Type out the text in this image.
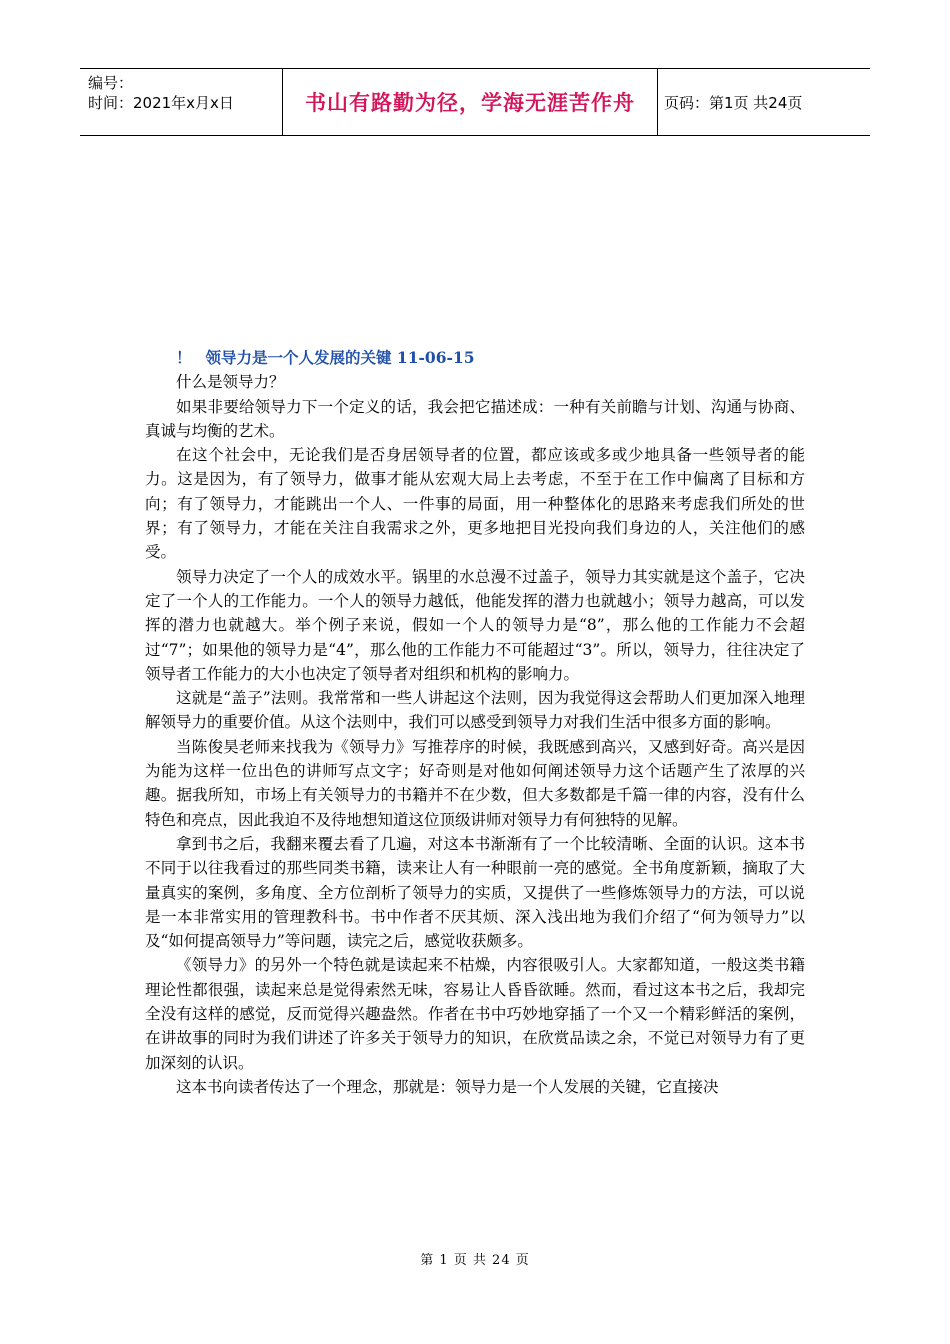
编号：
时间：2021年x月x日	书山有路勤为径，学海无涯苦作舟	页码：第1页 共24页
！ 领导力是一个人发展的关键 11-06-15

什么是领导力？

如果非要给领导力下一个定义的话，我会把它描述成：一种有关前瞻与计划、沟通与协商、真诚与均衡的艺术。

在这个社会中，无论我们是否身居领导者的位置，都应该或多或少地具备一些领导者的能力。这是因为，有了领导力，做事才能从宏观大局上去考虑，不至于在工作中偏离了目标和方向；有了领导力，才能跳出一个人、一件事的局面，用一种整体化的思路来考虑我们所处的世界；有了领导力，才能在关注自我需求之外，更多地把目光投向我们身边的人，关注他们的感受。

领导力决定了一个人的成效水平。锅里的水总漫不过盖子，领导力其实就是这个盖子，它决定了一个人的工作能力。一个人的领导力越低，他能发挥的潜力也就越小；领导力越高，可以发挥的潜力也就越大。举个例子来说，假如一个人的领导力是“8”，那么他的工作能力不会超过“7”；如果他的领导力是“4”，那么他的工作能力不可能超过“3”。所以，领导力，往往决定了领导者工作能力的大小也决定了领导者对组织和机构的影响力。

这就是“盖子”法则。我常常和一些人讲起这个法则，因为我觉得这会帮助人们更加深入地理解领导力的重要价值。从这个法则中，我们可以感受到领导力对我们生活中很多方面的影响。

当陈俊昊老师来找我为《领导力》写推荐序的时候，我既感到高兴，又感到好奇。高兴是因为能为这样一位出色的讲师写点文字；好奇则是对他如何阐述领导力这个话题产生了浓厚的兴趣。据我所知，市场上有关领导力的书籍并不在少数，但大多数都是千篇一律的内容，没有什么特色和亮点，因此我迫不及待地想知道这位顶级讲师对领导力有何独特的见解。

拿到书之后，我翻来覆去看了几遍，对这本书渐渐有了一个比较清晰、全面的认识。这本书不同于以往我看过的那些同类书籍，读来让人有一种眼前一亮的感觉。全书角度新颖，摘取了大量真实的案例，多角度、全方位剖析了领导力的实质，又提供了一些修炼领导力的方法，可以说是一本非常实用的管理教科书。书中作者不厌其烦、深入浅出地为我们介绍了“何为领导力”以及“如何提高领导力”等问题，读完之后，感觉收获颇多。

《领导力》的另外一个特色就是读起来不枯燥，内容很吸引人。大家都知道，一般这类书籍理论性都很强，读起来总是觉得索然无味，容易让人昏昏欲睡。然而，看过这本书之后，我却完全没有这样的感觉，反而觉得兴趣盎然。作者在书中巧妙地穿插了一个又一个精彩鲜活的案例，在讲故事的同时为我们讲述了许多关于领导力的知识，在欣赏品读之余，不觉已对领导力有了更加深刻的认识。

这本书向读者传达了一个理念，那就是：领导力是一个人发展的关键，它直接决

第 1 页 共 24 页
